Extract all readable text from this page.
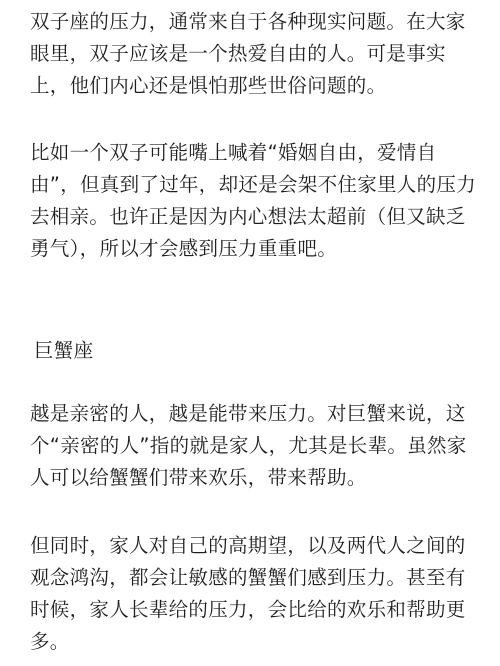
双子座的压力，通常来自于各种现实问题。在大家眼里，双子应该是一个热爱自由的人。可是事实上，他们内心还是惧怕那些世俗问题的。

比如一个双子可能嘴上喊着“婚姻自由，爱情自由”，但真到了过年，却还是会架不住家里人的压力去相亲。也许正是因为内心想法太超前（但又缺乏勇气），所以才会感到压力重重吧。

巨蟹座

越是亲密的人，越是能带来压力。对巨蟹来说，这个“亲密的人”指的就是家人，尤其是长辈。虽然家人可以给蟹蟹们带来欢乐，带来帮助。

但同时，家人对自己的高期望，以及两代人之间的观念鸿沟，都会让敏感的蟹蟹们感到压力。甚至有时候，家人长辈给的压力，会比给的欢乐和帮助更多。
